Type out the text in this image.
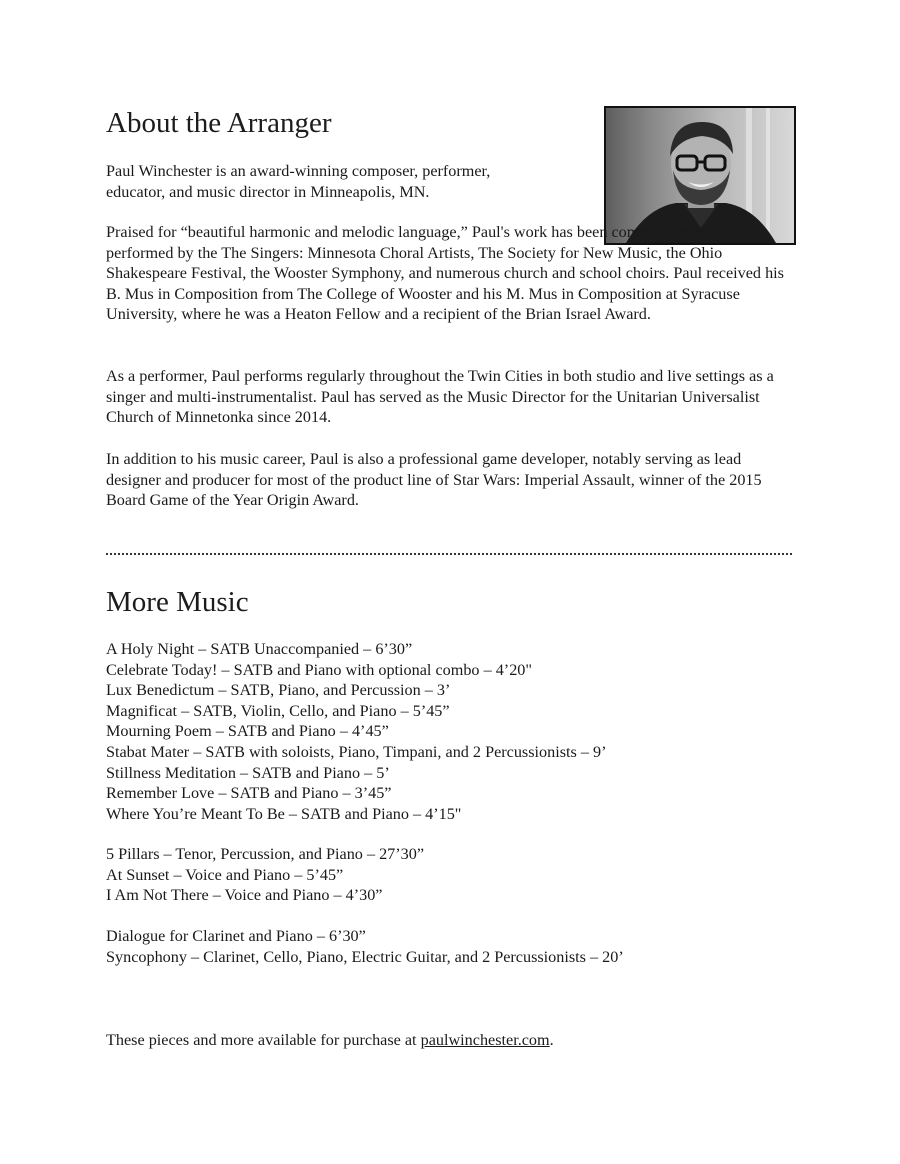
About the Arranger

Paul Winchester is an award-winning composer, performer, educator, and music director in Minneapolis, MN.

Praised for “beautiful harmonic and melodic language,” Paul's work has been commissioned and performed by the The Singers: Minnesota Choral Artists, The Society for New Music, the Ohio Shakespeare Festival, the Wooster Symphony, and numerous church and school choirs. Paul received his B. Mus in Composition from The College of Wooster and his M. Mus in Composition at Syracuse University, where he was a Heaton Fellow and a recipient of the Brian Israel Award.

As a performer, Paul performs regularly throughout the Twin Cities in both studio and live settings as a singer and multi-instrumentalist. Paul has served as the Music Director for the Unitarian Universalist Church of Minnetonka since 2014.

In addition to his music career, Paul is also a professional game developer, notably serving as lead designer and producer for most of the product line of Star Wars: Imperial Assault, winner of the 2015 Board Game of the Year Origin Award.

More Music
A Holy Night – SATB Unaccompanied – 6’30”
Celebrate Today! – SATB and Piano with optional combo – 4’20"
Lux Benedictum – SATB, Piano, and Percussion – 3’
Magnificat – SATB, Violin, Cello, and Piano – 5’45”
Mourning Poem – SATB and Piano – 4’45”
Stabat Mater – SATB with soloists, Piano, Timpani, and 2 Percussionists – 9’
Stillness Meditation – SATB and Piano – 5’
Remember Love – SATB and Piano – 3’45”
Where You’re Meant To Be – SATB and Piano – 4’15"
5 Pillars – Tenor, Percussion, and Piano – 27’30”
At Sunset – Voice and Piano – 5’45”
I Am Not There – Voice and Piano – 4’30”
Dialogue for Clarinet and Piano – 6’30”
Syncophony – Clarinet, Cello, Piano, Electric Guitar, and 2 Percussionists – 20’

These pieces and more available for purchase at paulwinchester.com.
